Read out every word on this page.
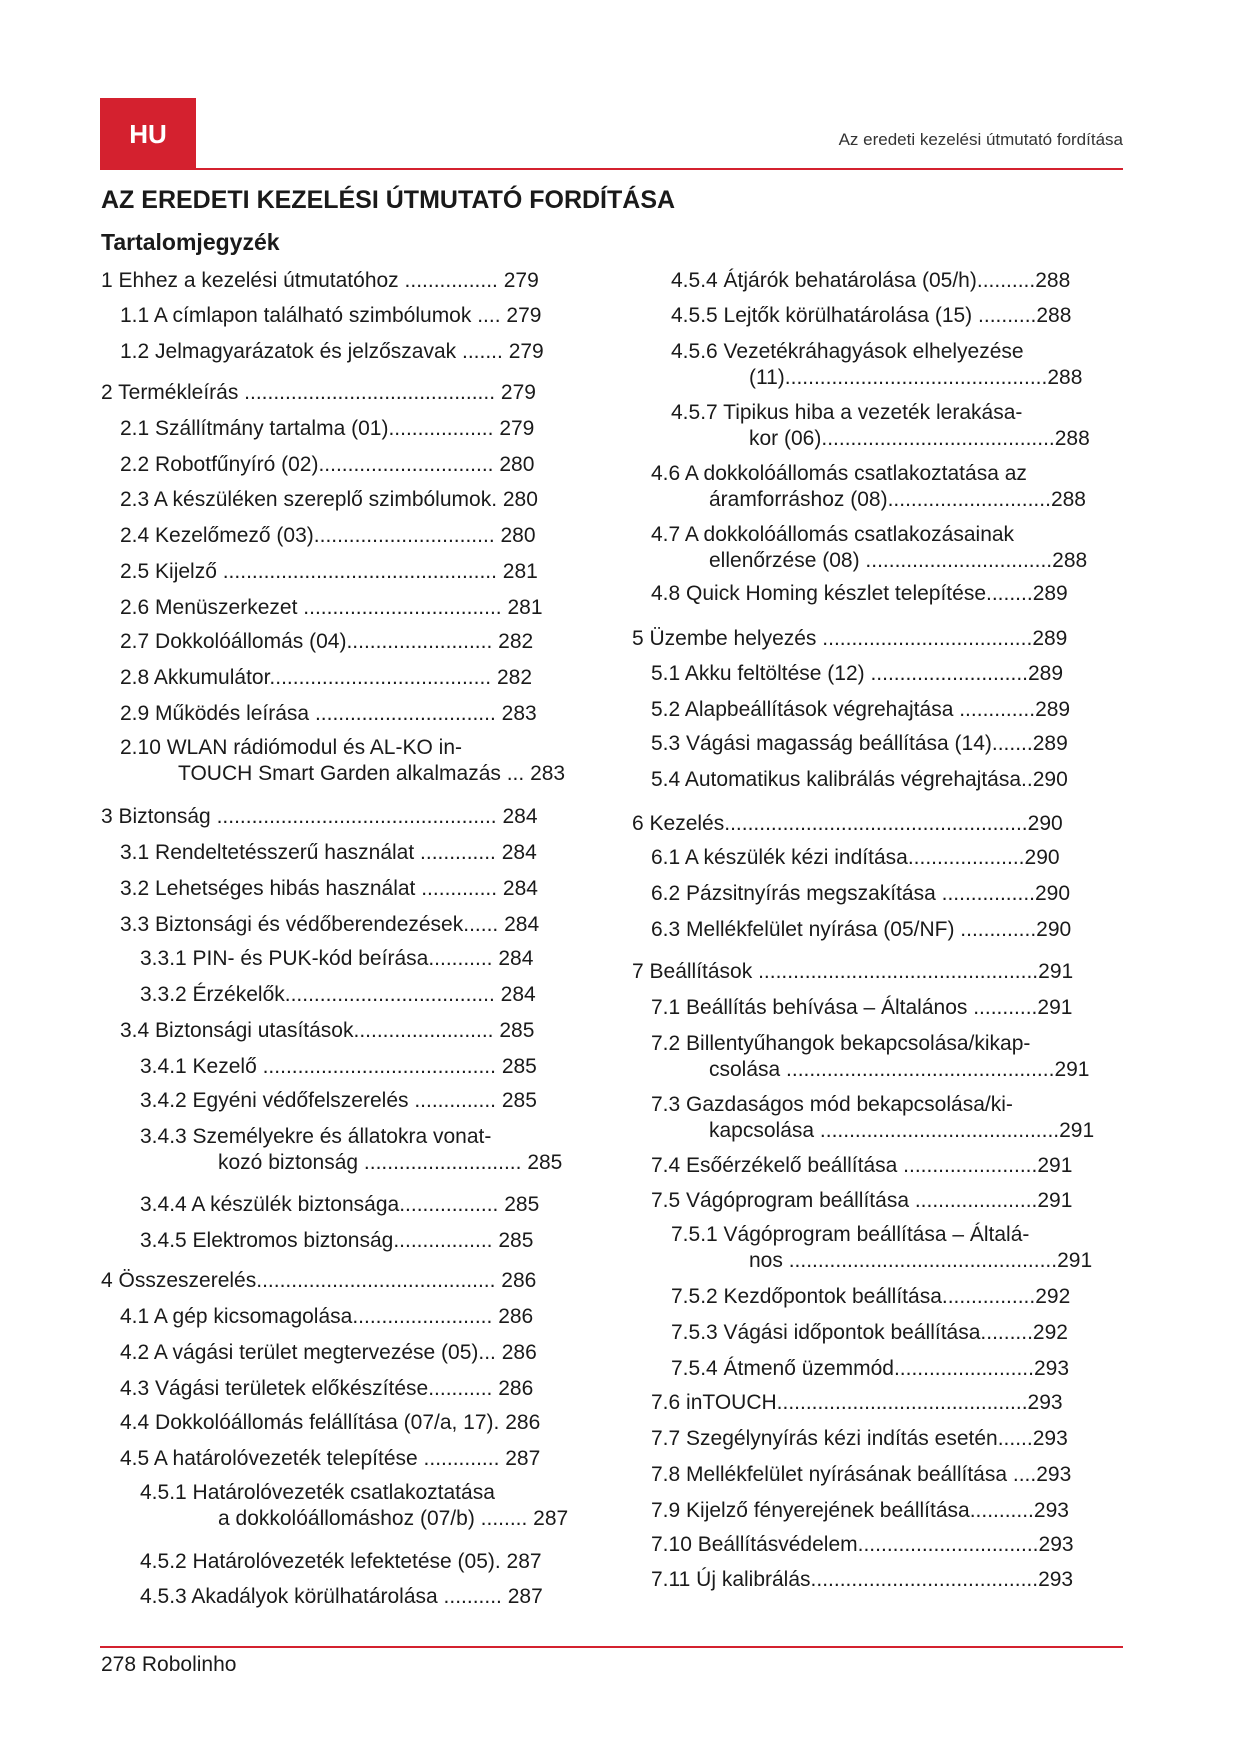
HU	Az eredeti kezelési útmutató fordítása
AZ EREDETI KEZELÉSI ÚTMUTATÓ FORDÍTÁSA
Tartalomjegyzék
1 Ehhez a kezelési útmutatóhoz ................ 279
1.1 A címlapon található szimbólumok .... 279
1.2 Jelmagyarázatok és jelzőszavak ....... 279
2 Termékleírás ........................................... 279
2.1 Szállítmány tartalma (01).................. 279
2.2 Robotfűnyíró (02).............................. 280
2.3 A készüléken szereplő szimbólumok. 280
2.4 Kezelőmező (03)............................... 280
2.5 Kijelző ............................................... 281
2.6 Menüszerkezet .................................. 281
2.7 Dokkolóállomás (04)......................... 282
2.8 Akkumulátor...................................... 282
2.9 Működés leírása ............................... 283
2.10 WLAN rádiómodul és AL-KO in-
TOUCH Smart Garden alkalmazás ... 283
3 Biztonság ................................................ 284
3.1 Rendeltetésszerű használat ............. 284
3.2 Lehetséges hibás használat ............. 284
3.3 Biztonsági és védőberendezések...... 284
3.3.1 PIN- és PUK-kód beírása........... 284
3.3.2 Érzékelők.................................... 284
3.4 Biztonsági utasítások........................ 285
3.4.1 Kezelő ........................................ 285
3.4.2 Egyéni védőfelszerelés .............. 285
3.4.3 Személyekre és állatokra vonat-
kozó biztonság ........................... 285
3.4.4 A készülék biztonsága................. 285
3.4.5 Elektromos biztonság................. 285
4 Összeszerelés......................................... 286
4.1 A gép kicsomagolása........................ 286
4.2 A vágási terület megtervezése (05)... 286
4.3 Vágási területek előkészítése........... 286
4.4 Dokkolóállomás felállítása (07/a, 17). 286
4.5 A határolóvezeték telepítése ............. 287
4.5.1 Határolóvezeték csatlakoztatása
a dokkolóállomáshoz (07/b) ........ 287
4.5.2 Határolóvezeték lefektetése (05). 287
4.5.3 Akadályok körülhatárolása .......... 287
4.5.4 Átjárók behatárolása (05/h)..........288
4.5.5 Lejtők körülhatárolása (15) ..........288
4.5.6 Vezetékráhagyások elhelyezése
(11).............................................288
4.5.7 Tipikus hiba a vezeték lerakása-
kor (06)........................................288
4.6 A dokkolóállomás csatlakoztatása az
áramforráshoz (08)............................288
4.7 A dokkolóállomás csatlakozásainak
ellenőrzése (08) ................................288
4.8 Quick Homing készlet telepítése........289
5 Üzembe helyezés ....................................289
5.1 Akku feltöltése (12) ...........................289
5.2 Alapbeállítások végrehajtása .............289
5.3 Vágási magasság beállítása (14).......289
5.4 Automatikus kalibrálás végrehajtása..290
6 Kezelés....................................................290
6.1 A készülék kézi indítása....................290
6.2 Pázsitnyírás megszakítása ................290
6.3 Mellékfelület nyírása (05/NF) .............290
7 Beállítások ................................................291
7.1 Beállítás behívása – Általános ...........291
7.2 Billentyűhangok bekapcsolása/kikap-
csolása ..............................................291
7.3 Gazdaságos mód bekapcsolása/ki-
kapcsolása .........................................291
7.4 Esőérzékelő beállítása .......................291
7.5 Vágóprogram beállítása .....................291
7.5.1 Vágóprogram beállítása – Általá-
nos ..............................................291
7.5.2 Kezdőpontok beállítása................292
7.5.3 Vágási időpontok beállítása.........292
7.5.4 Átmenő üzemmód........................293
7.6 inTOUCH...........................................293
7.7 Szegélynyírás kézi indítás esetén......293
7.8 Mellékfelület nyírásának beállítása ....293
7.9 Kijelző fényerejének beállítása...........293
7.10 Beállításvédelem...............................293
7.11 Új kalibrálás.......................................293
278 Robolinho
